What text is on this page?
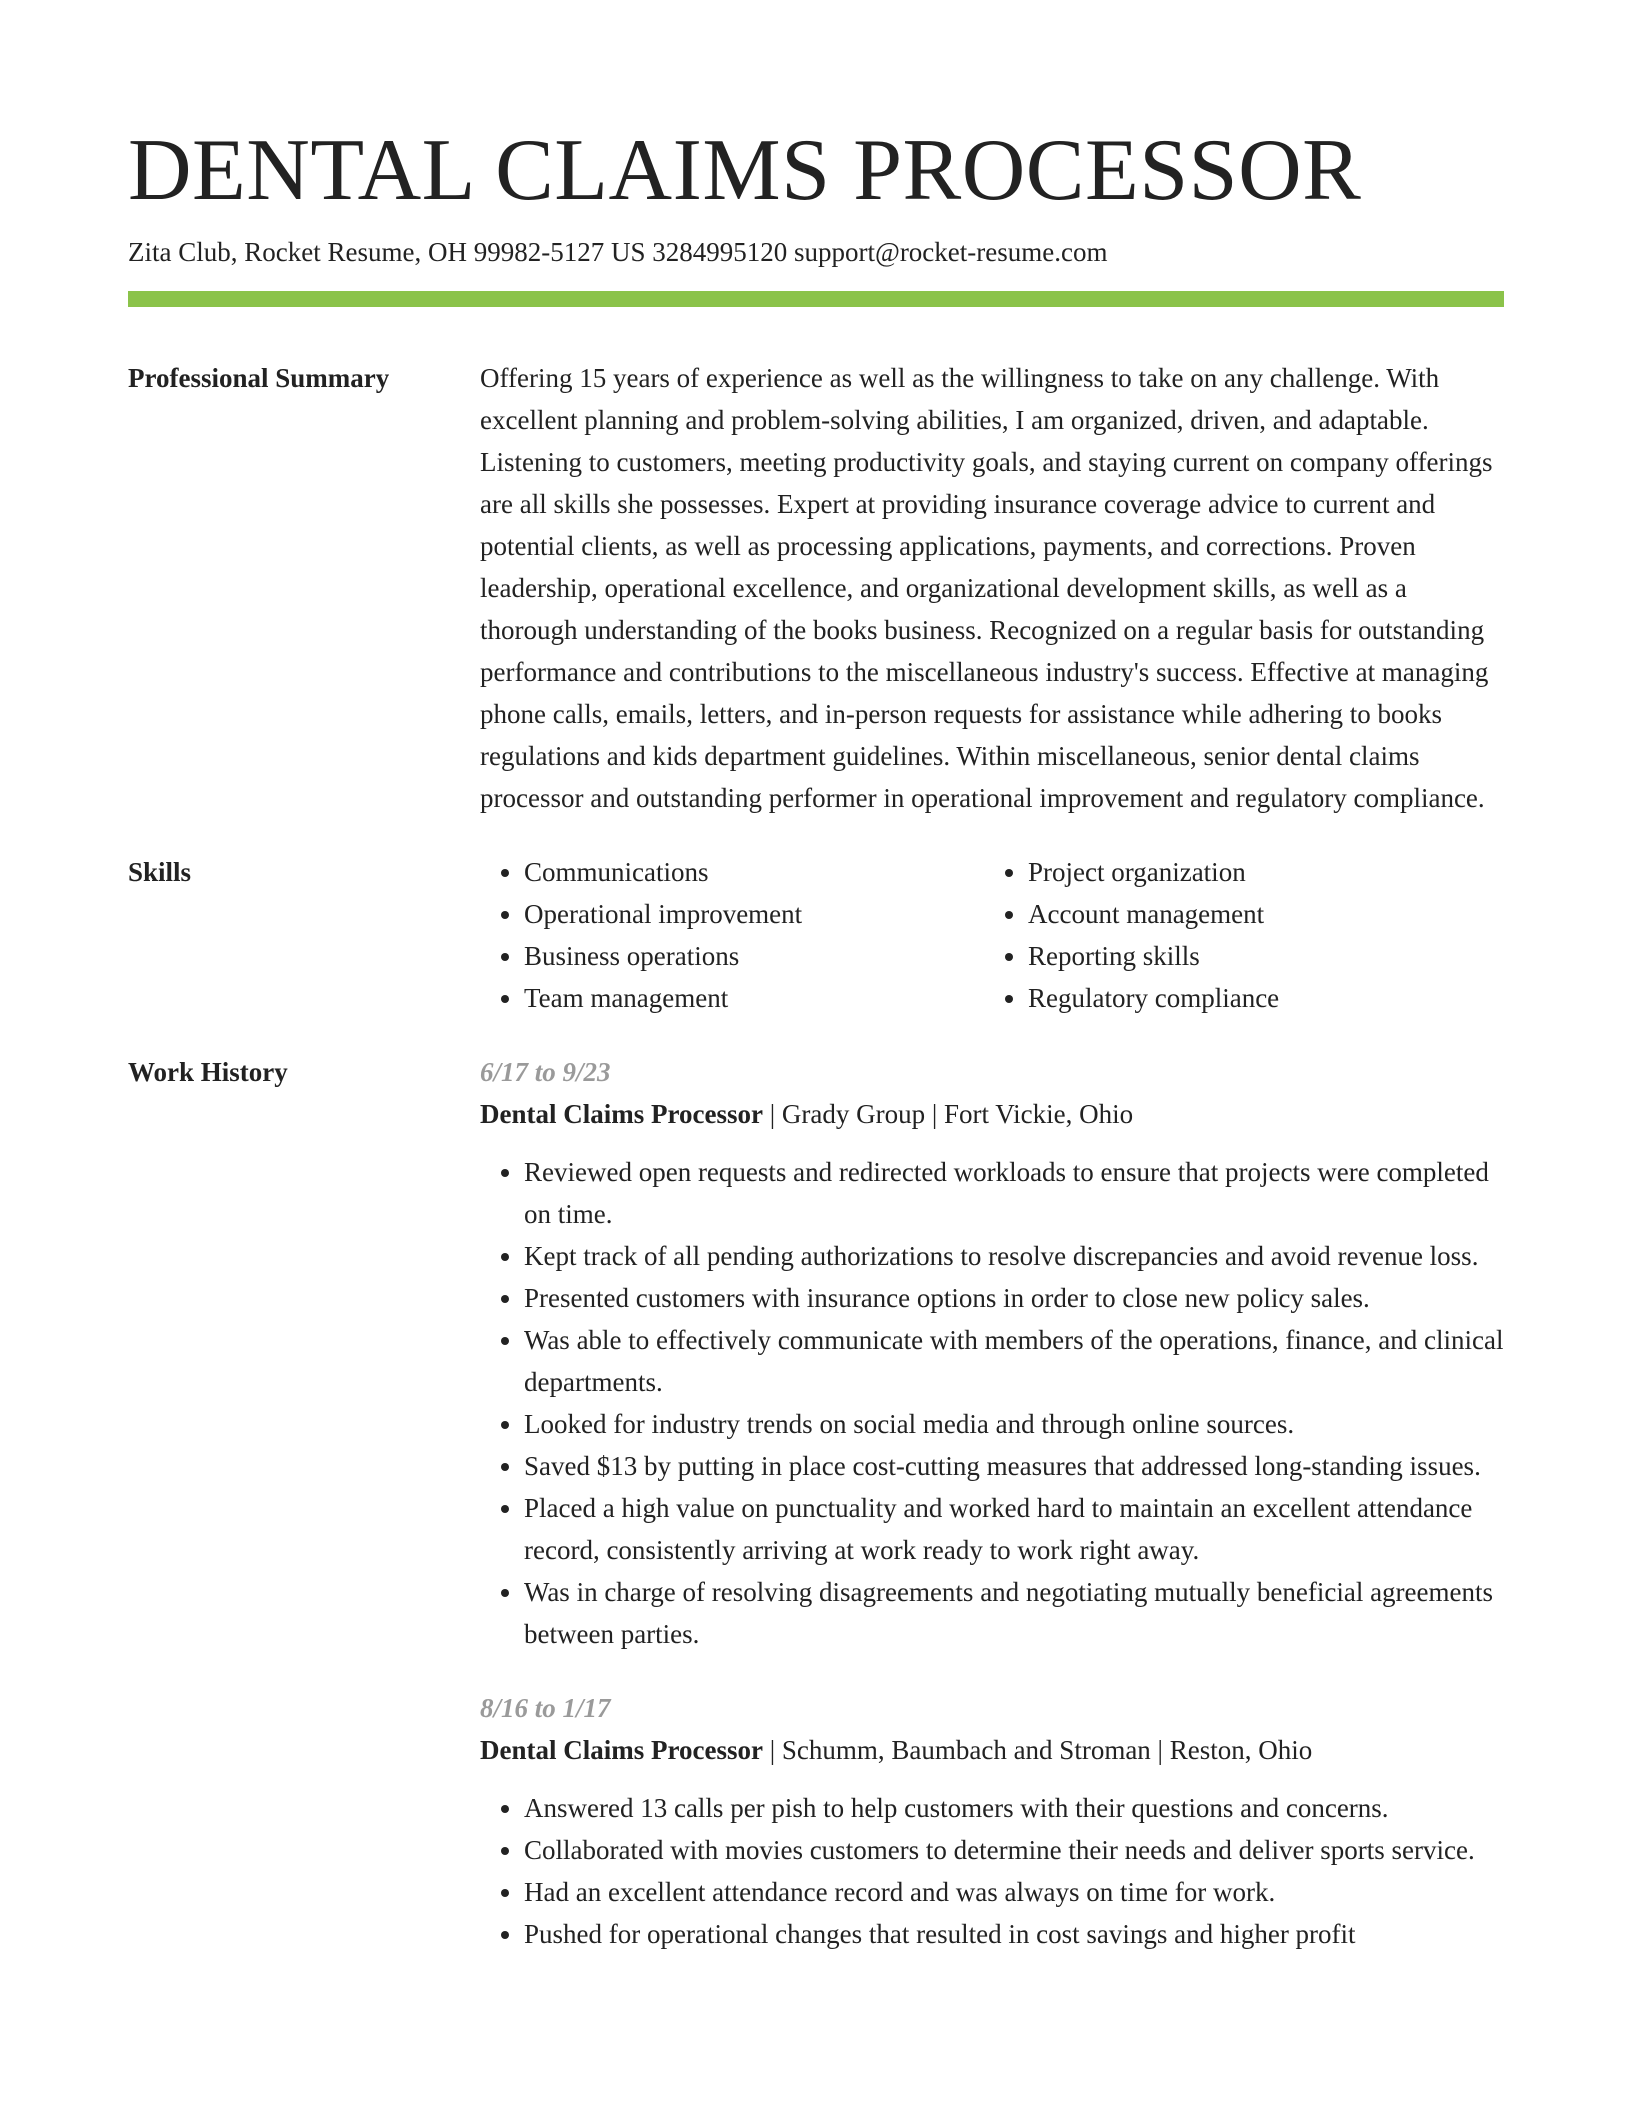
DENTAL CLAIMS PROCESSOR
Zita Club, Rocket Resume, OH 99982-5127 US 3284995120 support@rocket-resume.com
Professional Summary	Offering 15 years of experience as well as the willingness to take on any challenge. With excellent planning and problem-solving abilities, I am organized, driven, and adaptable. Listening to customers, meeting productivity goals, and staying current on company offerings are all skills she possesses. Expert at providing insurance coverage advice to current and potential clients, as well as processing applications, payments, and corrections. Proven leadership, operational excellence, and organizational development skills, as well as a thorough understanding of the books business. Recognized on a regular basis for outstanding performance and contributions to the miscellaneous industry's success. Effective at managing phone calls, emails, letters, and in-person requests for assistance while adhering to books regulations and kids department guidelines. Within miscellaneous, senior dental claims processor and outstanding performer in operational improvement and regulatory compliance.
Skills
•	Communications
• Operational improvement
• Business operations
• Team management
• Project organization
• Account management
• Reporting skills
• Regulatory compliance
Work History	6/17 to 9/23
Dental Claims Processor | Grady Group | Fort Vickie, Ohio
• Reviewed open requests and redirected workloads to ensure that projects were completed on time.
• Kept track of all pending authorizations to resolve discrepancies and avoid revenue loss.
• Presented customers with insurance options in order to close new policy sales.
• Was able to effectively communicate with members of the operations, finance, and clinical departments.
• Looked for industry trends on social media and through online sources.
• Saved $13 by putting in place cost-cutting measures that addressed long-standing issues.
• Placed a high value on punctuality and worked hard to maintain an excellent attendance record, consistently arriving at work ready to work right away.
• Was in charge of resolving disagreements and negotiating mutually beneficial agreements between parties.
8/16 to 1/17
Dental Claims Processor | Schumm, Baumbach and Stroman | Reston, Ohio
• Answered 13 calls per pish to help customers with their questions and concerns.
• Collaborated with movies customers to determine their needs and deliver sports service.
• Had an excellent attendance record and was always on time for work.
• Pushed for operational changes that resulted in cost savings and higher profit
